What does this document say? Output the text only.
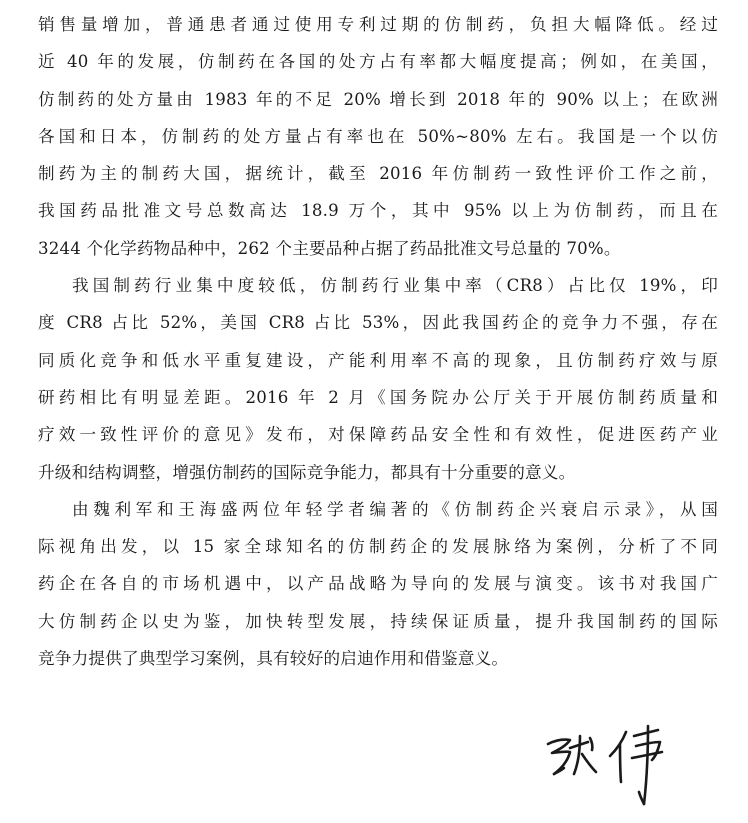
销售量增加，普通患者通过使用专利过期的仿制药，负担大幅降低。经过
近 40 年的发展，仿制药在各国的处方占有率都大幅度提高；例如，在美国，
仿制药的处方量由 1983 年的不足 20% 增长到 2018 年的 90% 以上；在欧洲
各国和日本，仿制药的处方量占有率也在 50%~80% 左右。我国是一个以仿
制药为主的制药大国，据统计，截至 2016 年仿制药一致性评价工作之前，
我国药品批准文号总数高达 18.9 万个，其中 95% 以上为仿制药，而且在
3244 个化学药物品种中，262 个主要品种占据了药品批准文号总量的 70%。
我国制药行业集中度较低，仿制药行业集中率（CR8）占比仅 19%，印
度 CR8 占比 52%，美国 CR8 占比 53%，因此我国药企的竞争力不强，存在
同质化竞争和低水平重复建设，产能利用率不高的现象，且仿制药疗效与原
研药相比有明显差距。2016 年 2 月《国务院办公厅关于开展仿制药质量和
疗效一致性评价的意见》发布，对保障药品安全性和有效性，促进医药产业
升级和结构调整，增强仿制药的国际竞争能力，都具有十分重要的意义。
由魏利军和王海盛两位年轻学者编著的《仿制药企兴衰启示录》，从国
际视角出发，以 15 家全球知名的仿制药企的发展脉络为案例，分析了不同
药企在各自的市场机遇中，以产品战略为导向的发展与演变。该书对我国广
大仿制药企以史为鉴，加快转型发展，持续保证质量，提升我国制药的国际
竞争力提供了典型学习案例，具有较好的启迪作用和借鉴意义。
